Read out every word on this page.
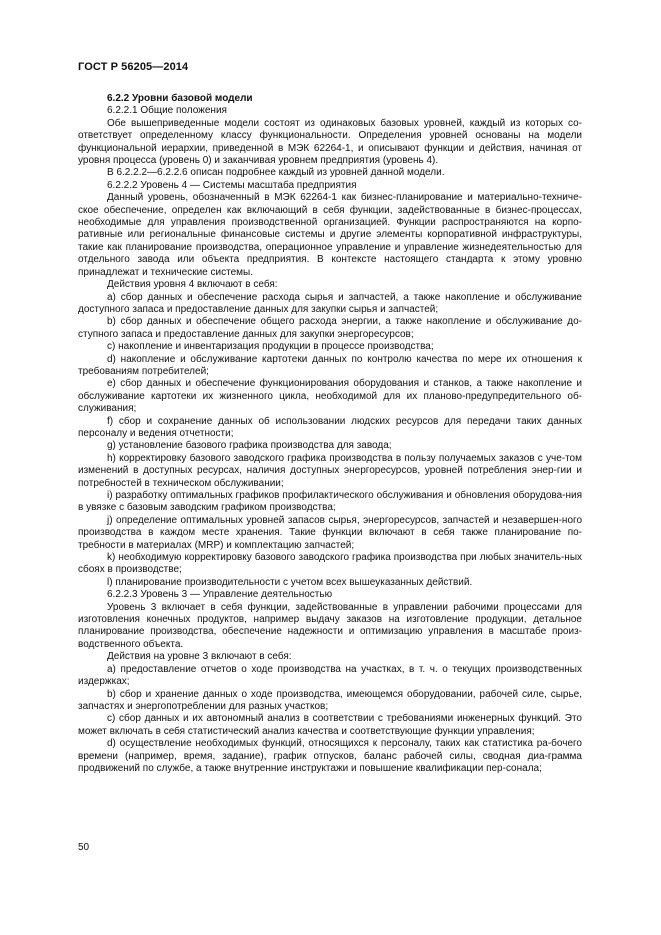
ГОСТ Р 56205—2014

6.2.2 Уровни базовой модели

6.2.2.1 Общие положения

Обе вышеприведенные модели состоят из одинаковых базовых уровней, каждый из которых со-ответствует определенному классу функциональности. Определения уровней основаны на модели функциональной иерархии, приведенной в МЭК 62264-1, и описывают функции и действия, начиная от уровня процесса (уровень 0) и заканчивая уровнем предприятия (уровень 4).

В 6.2.2.2—6.2.2.6 описан подробнее каждый из уровней данной модели.

6.2.2.2 Уровень 4 — Системы масштаба предприятия

Данный уровень, обозначенный в МЭК 62264-1 как бизнес-планирование и материально-техниче-ское обеспечение, определен как включающий в себя функции, задействованные в бизнес-процессах, необходимые для управления производственной организацией. Функции распространяются на корпо-ративные или региональные финансовые системы и другие элементы корпоративной инфраструктуры, такие как планирование производства, операционное управление и управление жизнедеятельностью для отдельного завода или объекта предприятия. В контексте настоящего стандарта к этому уровню принадлежат и технические системы.

Действия уровня 4 включают в себя:

a) сбор данных и обеспечение расхода сырья и запчастей, а также накопление и обслуживание доступного запаса и предоставление данных для закупки сырья и запчастей;

b) сбор данных и обеспечение общего расхода энергии, а также накопление и обслуживание до-ступного запаса и предоставление данных для закупки энергоресурсов;

c) накопление и инвентаризация продукции в процессе производства;

d) накопление и обслуживание картотеки данных по контролю качества по мере их отношения к требованиям потребителей;

e) сбор данных и обеспечение функционирования оборудования и станков, а также накопление и обслуживание картотеки их жизненного цикла, необходимой для их планово-предупредительного об-служивания;

f) сбор и сохранение данных об использовании людских ресурсов для передачи таких данных персоналу и ведения отчетности;

g) установление базового графика производства для завода;

h) корректировку базового заводского графика производства в пользу получаемых заказов с уче-том изменений в доступных ресурсах, наличия доступных энергоресурсов, уровней потребления энер-гии и потребностей в техническом обслуживании;

i) разработку оптимальных графиков профилактического обслуживания и обновления оборудова-ния в увязке с базовым заводским графиком производства;

j) определение оптимальных уровней запасов сырья, энергоресурсов, запчастей и незавершен-ного производства в каждом месте хранения. Такие функции включают в себя также планирование по-требности в материалах (MRP) и комплектацию запчастей;

k) необходимую корректировку базового заводского графика производства при любых значитель-ных сбоях в производстве;

l) планирование производительности с учетом всех вышеуказанных действий.

6.2.2.3 Уровень 3 — Управление деятельностью

Уровень 3 включает в себя функции, задействованные в управлении рабочими процессами для изготовления конечных продуктов, например выдачу заказов на изготовление продукции, детальное планирование производства, обеспечение надежности и оптимизацию управления в масштабе произ-водственного объекта.

Действия на уровне 3 включают в себя:

a) предоставление отчетов о ходе производства на участках, в т. ч. о текущих производственных издержках;

b) сбор и хранение данных о ходе производства, имеющемся оборудовании, рабочей силе, сырье, запчастях и энергопотреблении для разных участков;

c) сбор данных и их автономный анализ в соответствии с требованиями инженерных функций. Это может включать в себя статистический анализ качества и соответствующие функции управления;

d) осуществление необходимых функций, относящихся к персоналу, таких как статистика ра-бочего времени (например, время, задание), график отпусков, баланс рабочей силы, сводная диа-грамма продвижений по службе, а также внутренние инструктажи и повышение квалификации пер-сонала;

50
